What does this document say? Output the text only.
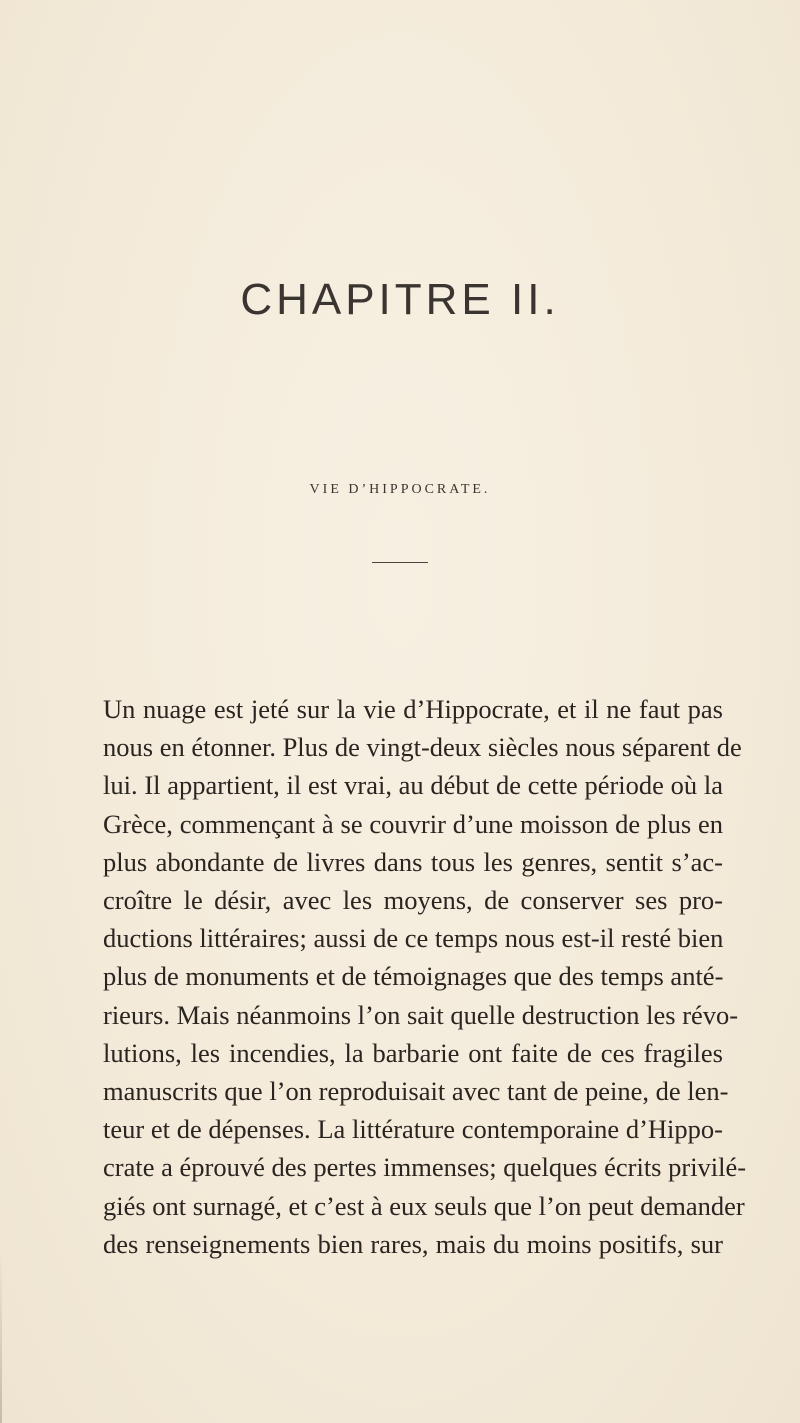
CHAPITRE II.
VIE D’HIPPOCRATE.

Un nuage est jeté sur la vie d’Hippocrate, et il ne faut pas
nous en étonner. Plus de vingt-deux siècles nous séparent de
lui. Il appartient, il est vrai, au début de cette période où la
Grèce, commençant à se couvrir d’une moisson de plus en
plus abondante de livres dans tous les genres, sentit s’ac-
croître le désir, avec les moyens, de conserver ses pro-
ductions littéraires; aussi de ce temps nous est-il resté bien
plus de monuments et de témoignages que des temps anté-
rieurs. Mais néanmoins l’on sait quelle destruction les révo-
lutions, les incendies, la barbarie ont faite de ces fragiles
manuscrits que l’on reproduisait avec tant de peine, de len-
teur et de dépenses. La littérature contemporaine d’Hippo-
crate a éprouvé des pertes immenses; quelques écrits privilé-
giés ont surnagé, et c’est à eux seuls que l’on peut demander
des renseignements bien rares, mais du moins positifs, sur
